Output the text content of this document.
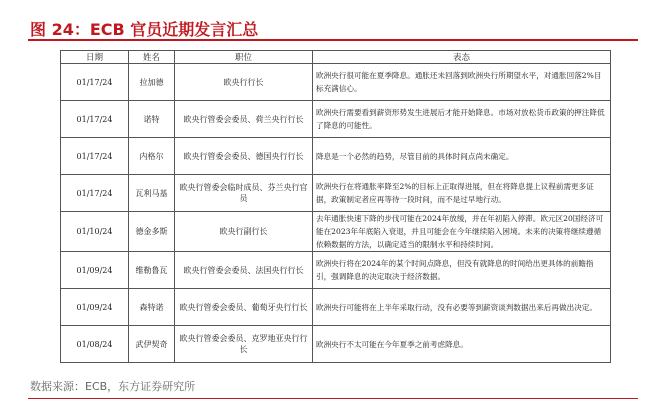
图 24：ECB 官员近期发言汇总
日期	姓名	职位	表态
01/17/24	拉加德	欧央行行长	欧洲央行很可能在夏季降息。通胀还未回落到欧洲央行所期望水平，对通胀回落2%目标充满信心。
01/17/24	诺特	欧央行管委会委员、荷兰央行行长	欧洲央行需要看到薪资形势发生进展后才能开始降息。市场对放松货币政策的押注降低了降息的可能性。
01/17/24	内格尔	欧央行管委会委员、德国央行行长	降息是一个必然的趋势，尽管目前的具体时间点尚未确定。
01/17/24	瓦利马基	欧央行管委会临时成员、芬兰央行官员	欧洲央行在将通胀率降至2%的目标上正取得进展，但在将降息提上议程前需更多证据，政策制定者应再等待一段时间，而不是过早地行动。
01/10/24	德金多斯	欧央行副行长	去年通胀快速下降的步伐可能在2024年放缓，并在年初陷入停滞。欧元区20国经济可能在2023年年底陷入衰退，并且可能会在今年继续陷入困境。未来的决策将继续遵循依赖数据的方法，以确定适当的限制水平和持续时间。
01/09/24	维勒鲁瓦	欧央行管委会委员、法国央行行长	欧洲央行将在2024年的某个时间点降息，但没有就降息的时间给出更具体的前瞻指引，强调降息的决定取决于经济数据。
01/09/24	森特诺	欧央行管委会委员、葡萄牙央行行长	欧洲央行可能将在上半年采取行动，没有必要等到薪资谈判数据出来后再做出决定。
01/08/24	武伊契奇	欧央行管委会委员、克罗地亚央行行长	欧洲央行不太可能在今年夏季之前考虑降息。
数据来源：ECB，东方证券研究所
